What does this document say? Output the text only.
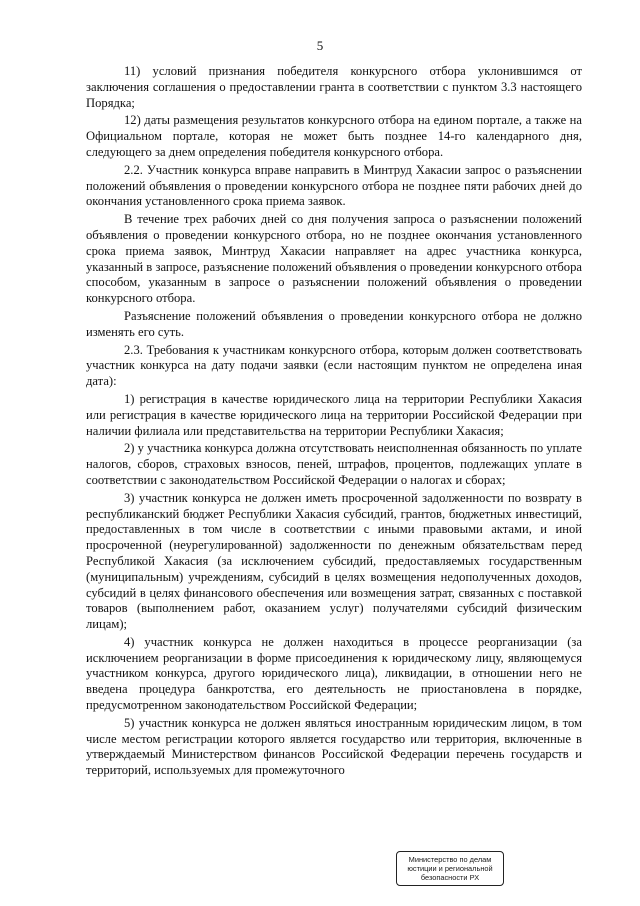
5

11) условий признания победителя конкурсного отбора уклонившимся от заключения соглашения о предоставлении гранта в соответствии с пунктом 3.3 настоящего Порядка;

12) даты размещения результатов конкурсного отбора на едином портале, а также на Официальном портале, которая не может быть позднее 14-го календарного дня, следующего за днем определения победителя конкурсного отбора.

2.2. Участник конкурса вправе направить в Минтруд Хакасии запрос о разъяснении положений объявления о проведении конкурсного отбора не позднее пяти рабочих дней до окончания установленного срока приема заявок.

В течение трех рабочих дней со дня получения запроса о разъяснении положений объявления о проведении конкурсного отбора, но не позднее окончания установленного срока приема заявок, Минтруд Хакасии направляет на адрес участника конкурса, указанный в запросе, разъяснение положений объявления о проведении конкурсного отбора способом, указанным в запросе о разъяснении положений объявления о проведении конкурсного отбора.

Разъяснение положений объявления о проведении конкурсного отбора не должно изменять его суть.

2.3. Требования к участникам конкурсного отбора, которым должен соответствовать участник конкурса на дату подачи заявки (если настоящим пунктом не определена иная дата):

1) регистрация в качестве юридического лица на территории Республики Хакасия или регистрация в качестве юридического лица на территории Российской Федерации при наличии филиала или представительства на территории Республики Хакасия;

2) у участника конкурса должна отсутствовать неисполненная обязанность по уплате налогов, сборов, страховых взносов, пеней, штрафов, процентов, подлежащих уплате в соответствии с законодательством Российской Федерации о налогах и сборах;

3) участник конкурса не должен иметь просроченной задолженности по возврату в республиканский бюджет Республики Хакасия субсидий, грантов, бюджетных инвестиций, предоставленных в том числе в соответствии с иными правовыми актами, и иной просроченной (неурегулированной) задолженности по денежным обязательствам перед Республикой Хакасия (за исключением субсидий, предоставляемых государственным (муниципальным) учреждениям, субсидий в целях возмещения недополученных доходов, субсидий в целях финансового обеспечения или возмещения затрат, связанных с поставкой товаров (выполнением работ, оказанием услуг) получателями субсидий физическим лицам);

4) участник конкурса не должен находиться в процессе реорганизации (за исключением реорганизации в форме присоединения к юридическому лицу, являющемуся участником конкурса, другого юридического лица), ликвидации, в отношении него не введена процедура банкротства, его деятельность не приостановлена в порядке, предусмотренном законодательством Российской Федерации;

5) участник конкурса не должен являться иностранным юридическим лицом, в том числе местом регистрации которого является государство или территория, включенные в утверждаемый Министерством финансов Российской Федерации перечень государств и территорий, используемых для промежуточного

Министерство по делам
юстиции и региональной
безопасности РХ
